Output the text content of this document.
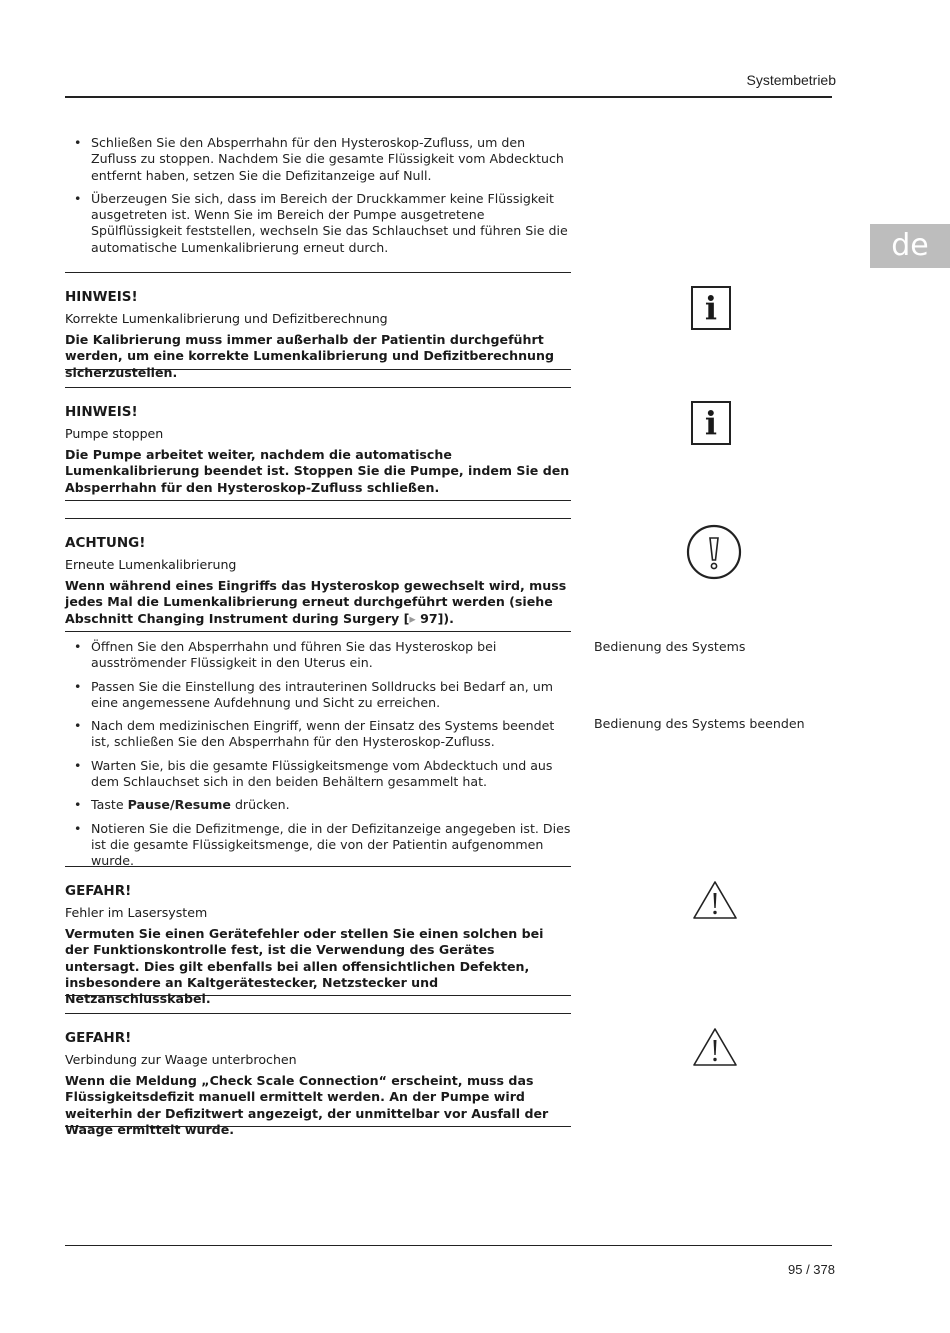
Systembetrieb
de
• Schließen Sie den Absperrhahn für den Hysteroskop-Zufluss, um den Zufluss zu stoppen. Nachdem Sie die gesamte Flüssigkeit vom Abdecktuch entfernt haben, setzen Sie die Defizitanzeige auf Null.
• Überzeugen Sie sich, dass im Bereich der Druckkammer keine Flüssigkeit ausgetreten ist. Wenn Sie im Bereich der Pumpe ausgetretene Spülflüssigkeit feststellen, wechseln Sie das Schlauchset und führen Sie die automatische Lumenkalibrierung erneut durch.
HINWEIS!
Korrekte Lumenkalibrierung und Defizitberechnung
Die Kalibrierung muss immer außerhalb der Patientin durchgeführt werden, um eine korrekte Lumenkalibrierung und Defizitberechnung sicherzustellen.
i
HINWEIS!
Pumpe stoppen
Die Pumpe arbeitet weiter, nachdem die automatische Lumenkalibrierung beendet ist. Stoppen Sie die Pumpe, indem Sie den Absperrhahn für den Hysteroskop-Zufluss schließen.
i
ACHTUNG!
Erneute Lumenkalibrierung
Wenn während eines Eingriffs das Hysteroskop gewechselt wird, muss jedes Mal die Lumenkalibrierung erneut durchgeführt werden (siehe Abschnitt Changing Instrument during Surgery [▸ 97]).
• Öffnen Sie den Absperrhahn und führen Sie das Hysteroskop bei ausströmender Flüssigkeit in den Uterus ein.
• Passen Sie die Einstellung des intrauterinen Solldrucks bei Bedarf an, um eine angemessene Aufdehnung und Sicht zu erreichen.
• Nach dem medizinischen Eingriff, wenn der Einsatz des Systems beendet ist, schließen Sie den Absperrhahn für den Hysteroskop-Zufluss.
• Warten Sie, bis die gesamte Flüssigkeitsmenge vom Abdecktuch und aus dem Schlauchset sich in den beiden Behältern gesammelt hat.
• Taste Pause/Resume drücken.
• Notieren Sie die Defizitmenge, die in der Defizitanzeige angegeben ist. Dies ist die gesamte Flüssigkeitsmenge, die von der Patientin aufgenommen wurde.
Bedienung des Systems
Bedienung des Systems beenden
GEFAHR!
Fehler im Lasersystem
Vermuten Sie einen Gerätefehler oder stellen Sie einen solchen bei der Funktionskontrolle fest, ist die Verwendung des Gerätes untersagt. Dies gilt ebenfalls bei allen offensichtlichen Defekten, insbesondere an Kaltgerätestecker, Netzstecker und Netzanschlusskabel.
GEFAHR!
Verbindung zur Waage unterbrochen
Wenn die Meldung „Check Scale Connection“ erscheint, muss das Flüssigkeitsdefizit manuell ermittelt werden. An der Pumpe wird weiterhin der Defizitwert angezeigt, der unmittelbar vor Ausfall der Waage ermittelt wurde.
95 / 378
